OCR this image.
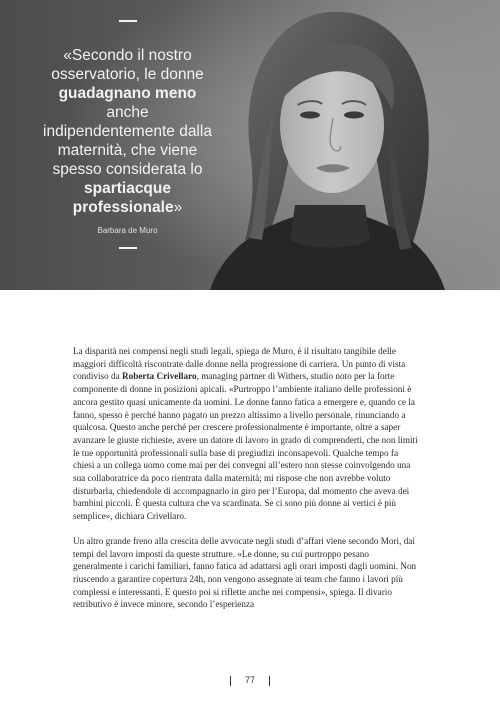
«Secondo il nostro osservatorio, le donne guadagnano meno anche indipendentemente dalla maternità, che viene spesso considerata lo spartiacque professionale»

Barbara de Muro

La disparità nei compensi negli studi legali, spiega de Muro, è il risultato tangibile delle maggiori difficoltà riscontrate dalle donne nella progressione di carriera. Un punto di vista condiviso da Roberta Crivellaro, managing partner di Withers, studio noto per la forte componente di donne in posizioni apicali. «Purtroppo l’ambiente italiano delle professioni è ancora gestito quasi unicamente da uomini. Le donne fanno fatica a emergere e, quando ce la fanno, spesso è perché hanno pagato un prezzo altissimo a livello personale, rinunciando a qualcosa. Questo anche perché per crescere professionalmente è importante, oltre a saper avanzare le giuste richieste, avere un datore di lavoro in grado di comprenderti, che non limiti le tue opportunità professionali sulla base di pregiudizi inconsapevoli. Qualche tempo fa chiesi a un collega uomo come mai per dei convegni all’estero non stesse coinvolgendo una sua collaboratrice da poco rientrata dalla maternità; mi rispose che non avrebbe voluto disturbarla, chiedendole di accompagnarlo in giro per l’Europa, dal momento che aveva dei bambini piccoli. È questa cultura che va scardinata. Se ci sono più donne ai vertici è più semplice», dichiara Crivellaro.

Un altro grande freno alla crescita delle avvocate negli studi d’affari viene secondo Mori, dai tempi del lavoro imposti da queste strutture. «Le donne, su cui purtroppo pesano generalmente i carichi familiari, fanno fatica ad adattarsi agli orari imposti dagli uomini. Non riuscendo a garantire copertura 24h, non vengono assegnate ai team che fanno i lavori più complessi e interessanti. E questo poi si riflette anche nei compensi», spiega. Il divario retributivo è invece minore, secondo l’esperienza

77
